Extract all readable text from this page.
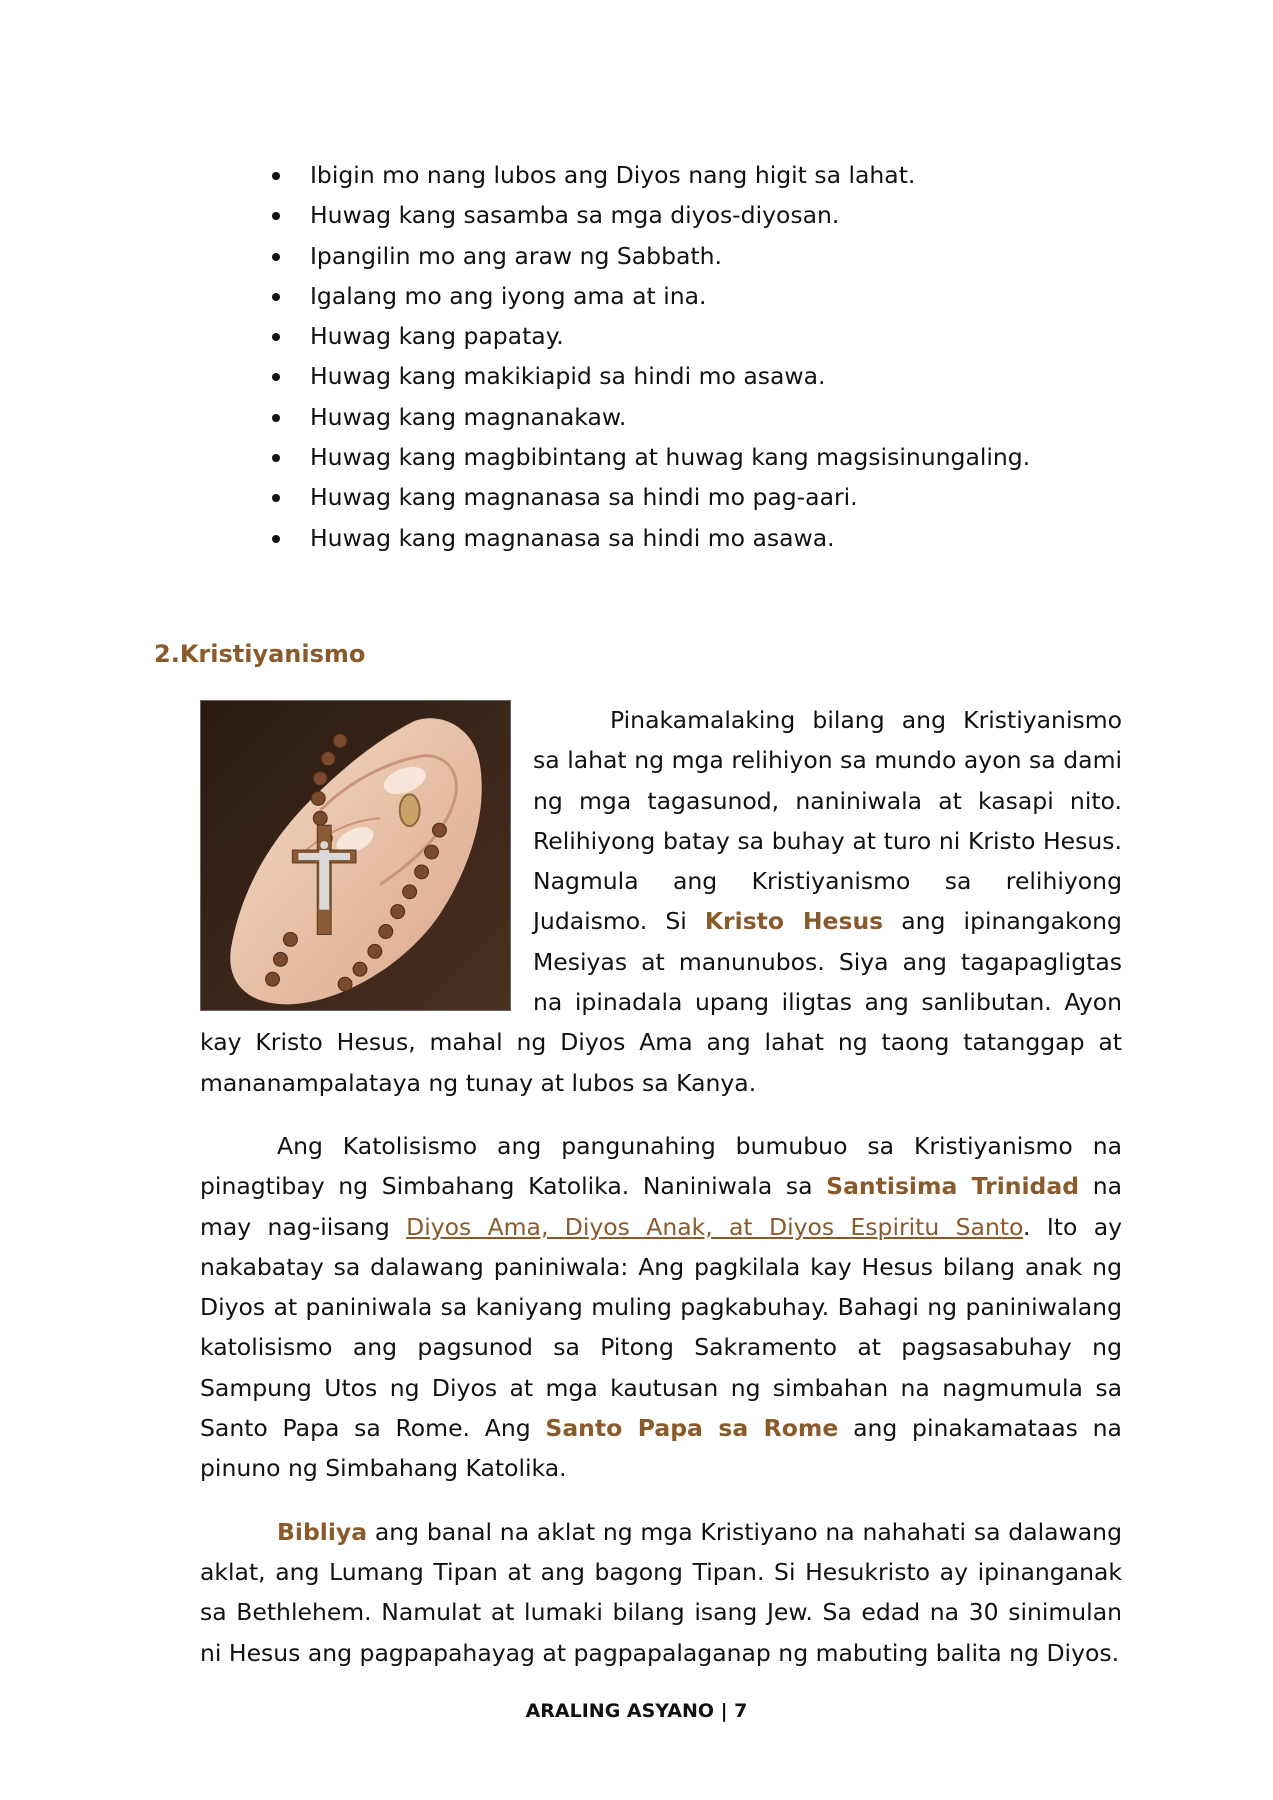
Ibigin mo nang lubos ang Diyos nang higit sa lahat.
Huwag kang sasamba sa mga diyos-diyosan.
Ipangilin mo ang araw ng Sabbath.
Igalang mo ang iyong ama at ina.
Huwag kang papatay.
Huwag kang makikiapid sa hindi mo asawa.
Huwag kang magnanakaw.
Huwag kang magbibintang at huwag kang magsisinungaling.
Huwag kang magnanasa sa hindi mo pag-aari.
Huwag kang magnanasa sa hindi mo asawa.
2.Kristiyanismo

Pinakamalaking bilang ang Kristiyanismo sa lahat ng mga relihiyon sa mundo ayon sa dami ng mga tagasunod, naniniwala at kasapi nito. Relihiyong batay sa buhay at turo ni Kristo Hesus. Nagmula ang Kristiyanismo sa relihiyong Judaismo. Si Kristo Hesus ang ipinangakong Mesiyas at manunubos. Siya ang tagapagligtas na ipinadala upang iligtas ang sanlibutan. Ayon kay Kristo Hesus, mahal ng Diyos Ama ang lahat ng taong tatanggap at mananampalataya ng tunay at lubos sa Kanya.

Ang Katolisismo ang pangunahing bumubuo sa Kristiyanismo na pinagtibay ng Simbahang Katolika. Naniniwala sa Santisima Trinidad na may nag-iisang Diyos Ama, Diyos Anak, at Diyos Espiritu Santo. Ito ay nakabatay sa dalawang paniniwala: Ang pagkilala kay Hesus bilang anak ng Diyos at paniniwala sa kaniyang muling pagkabuhay. Bahagi ng paniniwalang katolisismo ang pagsunod sa Pitong Sakramento at pagsasabuhay ng Sampung Utos ng Diyos at mga kautusan ng simbahan na nagmumula sa Santo Papa sa Rome. Ang Santo Papa sa Rome ang pinakamataas na pinuno ng Simbahang Katolika.

Bibliya ang banal na aklat ng mga Kristiyano na nahahati sa dalawang aklat, ang Lumang Tipan at ang bagong Tipan. Si Hesukristo ay ipinanganak sa Bethlehem. Namulat at lumaki bilang isang Jew. Sa edad na 30 sinimulan ni Hesus ang pagpapahayag at pagpapalaganap ng mabuting balita ng Diyos.

ARALING ASYANO | 7
